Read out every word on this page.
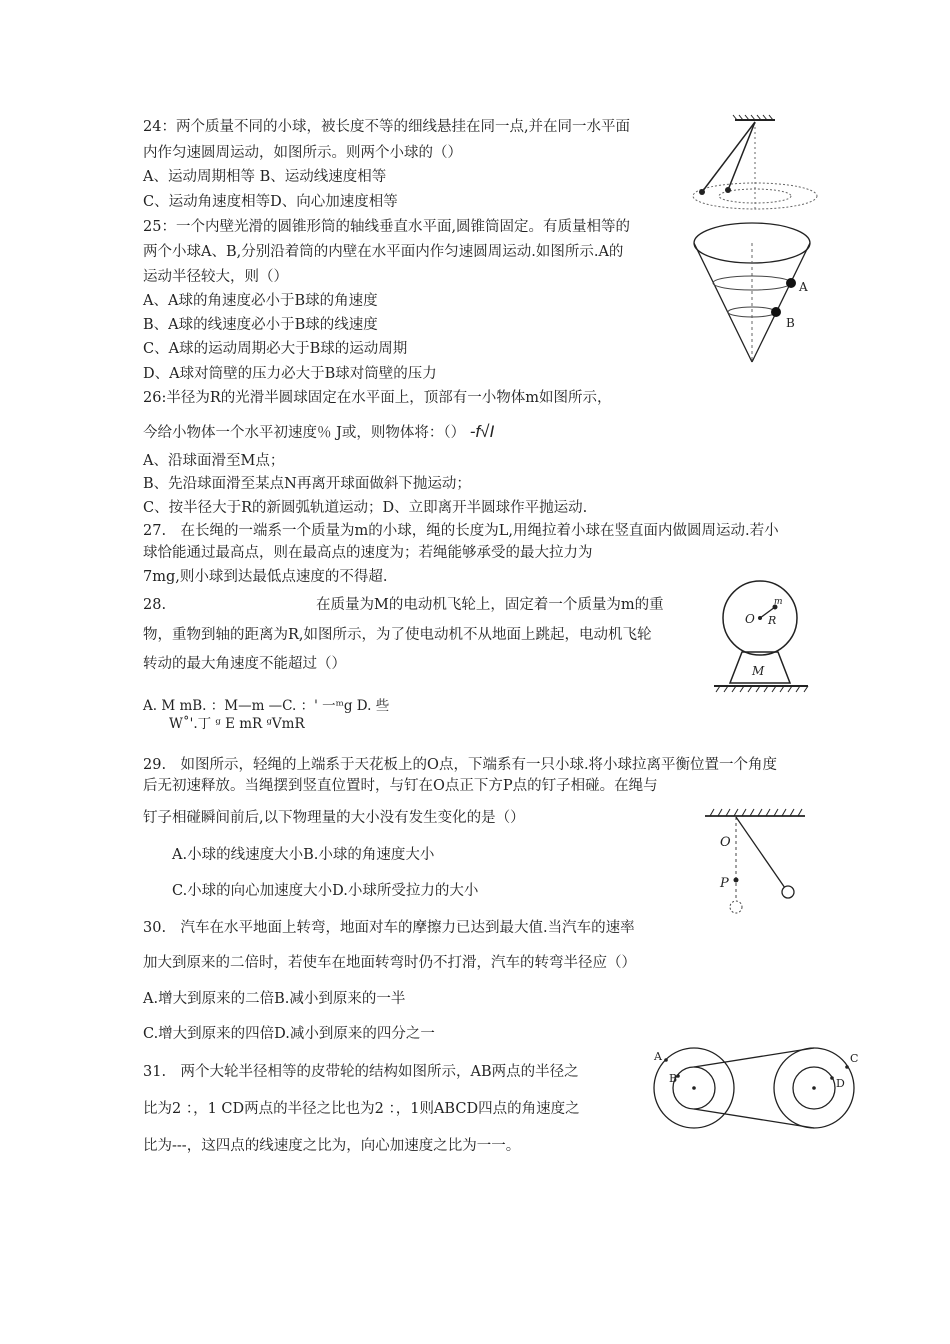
24：两个质量不同的小球，被长度不等的细线悬挂在同一点,并在同一水平面
内作匀速圆周运动，如图所示。则两个小球的（）
A、运动周期相等 B、运动线速度相等
C、运动角速度相等D、向心加速度相等
25：一个内壁光滑的圆锥形筒的轴线垂直水平面,圆锥筒固定。有质量相等的
两个小球A、B,分别沿着筒的内壁在水平面内作匀速圆周运动.如图所示.A的
运动半径较大，则（）
A、A球的角速度必小于B球的角速度
B、A球的线速度必小于B球的线速度
C、A球的运动周期必大于B球的运动周期
D、A球对筒壁的压力必大于B球对筒壁的压力
26:半径为R的光滑半圆球固定在水平面上，顶部有一小物体m如图所示，
今给小物体一个水平初速度％ J或，则物体将：（） -f√I
A、沿球面滑至M点；
B、先沿球面滑至某点N再离开球面做斜下抛运动；
C、按半径大于R的新圆弧轨道运动；D、立即离开半圆球作平抛运动.
27.　在长绳的一端系一个质量为m的小球，绳的长度为L,用绳拉着小球在竖直面内做圆周运动.若小
球恰能通过最高点，则在最高点的速度为；若绳能够承受的最大拉力为
7mg,则小球到达最低点速度的不得超.
28.	在质量为M的电动机飞轮上，固定着一个质量为m的重
物，重物到轴的距离为R,如图所示，为了使电动机不从地面上跳起，电动机飞轮
转动的最大角速度不能超过（）
A. M mB. ：M—m —C. ：' 一ᵐg D. 些
W˚'.丁 ᵍ E mR ᵍVmR
29.　如图所示，轻绳的上端系于天花板上的O点，下端系有一只小球.将小球拉离平衡位置一个角度
后无初速释放。当绳摆到竖直位置时，与钉在O点正下方P点的钉子相碰。在绳与
钉子相碰瞬间前后,以下物理量的大小没有发生变化的是（）
A.小球的线速度大小B.小球的角速度大小
C.小球的向心加速度大小D.小球所受拉力的大小
30.　汽车在水平地面上转弯，地面对车的摩擦力已达到最大值.当汽车的速率
加大到原来的二倍时，若使车在地面转弯时仍不打滑，汽车的转弯半径应（）
A.增大到原来的二倍B.减小到原来的一半
C.增大到原来的四倍D.减小到原来的四分之一
31.　两个大轮半径相等的皮带轮的结构如图所示，AB两点的半径之
比为2 ：，1 CD两点的半径之比也为2 ：，1则ABCD四点的角速度之
比为---，这四点的线速度之比为，向心加速度之比为一一。
A
B
O
m
R
M
O
P
A
B
C
D
